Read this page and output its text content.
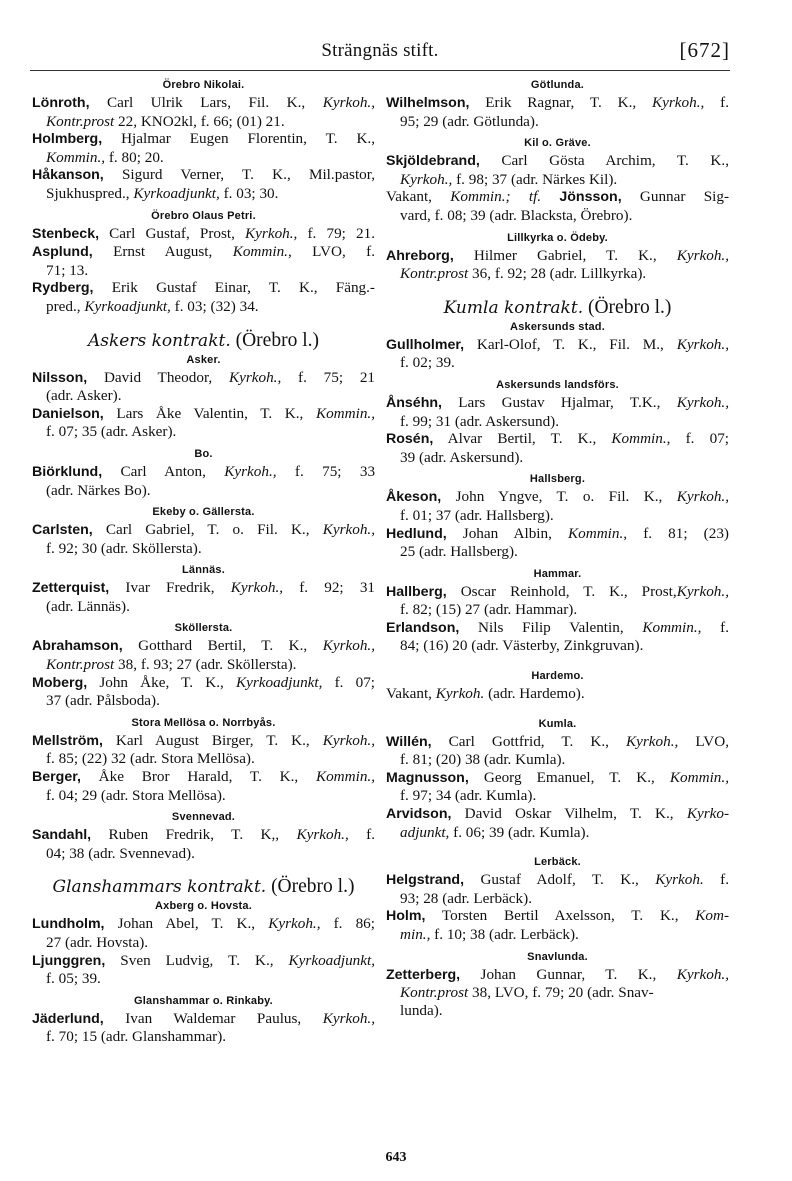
Strängnäs stift.	[672]
Örebro Nikolai.
Lönroth, Carl Ulrik Lars, Fil. K., Kyrkoh.,
Kontr.prost 22, KNO2kl, f. 66; (01) 21.
Holmberg, Hjalmar Eugen Florentin, T. K.,
Kommin., f. 80; 20.
Håkanson, Sigurd Verner, T. K., Mil.pastor,
Sjukhuspred., Kyrkoadjunkt, f. 03; 30.
Örebro Olaus Petri.
Stenbeck, Carl Gustaf, Prost, Kyrkoh., f. 79; 21.
Asplund, Ernst August, Kommin., LVO, f.
71; 13.
Rydberg, Erik Gustaf Einar, T. K., Fäng.-
pred., Kyrkoadjunkt, f. 03; (32) 34.
Askers kontrakt. (Örebro l.)
Asker.
Nilsson, David Theodor, Kyrkoh., f. 75; 21
(adr. Asker).
Danielson, Lars Åke Valentin, T. K., Kommin.,
f. 07; 35 (adr. Asker).
Bo.
Biörklund, Carl Anton, Kyrkoh., f. 75; 33
(adr. Närkes Bo).
Ekeby o. Gällersta.
Carlsten, Carl Gabriel, T. o. Fil. K., Kyrkoh.,
f. 92; 30 (adr. Sköllersta).
Lännäs.
Zetterquist, Ivar Fredrik, Kyrkoh., f. 92; 31
(adr. Lännäs).
Sköllersta.
Abrahamson, Gotthard Bertil, T. K., Kyrkoh.,
Kontr.prost 38, f. 93; 27 (adr. Sköllersta).
Moberg, John Åke, T. K., Kyrkoadjunkt, f. 07;
37 (adr. Pålsboda).
Stora Mellösa o. Norrbyås.
Mellström, Karl August Birger, T. K., Kyrkoh.,
f. 85; (22) 32 (adr. Stora Mellösa).
Berger, Åke Bror Harald, T. K., Kommin.,
f. 04; 29 (adr. Stora Mellösa).
Svennevad.
Sandahl, Ruben Fredrik, T. K,, Kyrkoh., f.
04; 38 (adr. Svennevad).
Glanshammars kontrakt. (Örebro l.)
Axberg o. Hovsta.
Lundholm, Johan Abel, T. K., Kyrkoh., f. 86;
27 (adr. Hovsta).
Ljunggren, Sven Ludvig, T. K., Kyrkoadjunkt,
f. 05; 39.
Glanshammar o. Rinkaby.
Jäderlund, Ivan Waldemar Paulus, Kyrkoh.,
f. 70; 15 (adr. Glanshammar).
Götlunda.
Wilhelmson, Erik Ragnar, T. K., Kyrkoh., f.
95; 29 (adr. Götlunda).
Kil o. Gräve.
Skjöldebrand, Carl Gösta Archim, T. K.,
Kyrkoh., f. 98; 37 (adr. Närkes Kil).
Vakant, Kommin.; tf. Jönsson, Gunnar Sig-
vard, f. 08; 39 (adr. Blacksta, Örebro).
Lillkyrka o. Ödeby.
Ahreborg, Hilmer Gabriel, T. K., Kyrkoh.,
Kontr.prost 36, f. 92; 28 (adr. Lillkyrka).
Kumla kontrakt. (Örebro l.)
Askersunds stad.
Gullholmer, Karl-Olof, T. K., Fil. M., Kyrkoh.,
f. 02; 39.
Askersunds landsförs.
Ånséhn, Lars Gustav Hjalmar, T.K., Kyrkoh.,
f. 99; 31 (adr. Askersund).
Rosén, Alvar Bertil, T. K., Kommin., f. 07;
39 (adr. Askersund).
Hallsberg.
Åkeson, John Yngve, T. o. Fil. K., Kyrkoh.,
f. 01; 37 (adr. Hallsberg).
Hedlund, Johan Albin, Kommin., f. 81; (23)
25 (adr. Hallsberg).
Hammar.
Hallberg, Oscar Reinhold, T. K., Prost,Kyrkoh.,
f. 82; (15) 27 (adr. Hammar).
Erlandson, Nils Filip Valentin, Kommin., f.
84; (16) 20 (adr. Västerby, Zinkgruvan).
Hardemo.
Vakant, Kyrkoh. (adr. Hardemo).
Kumla.
Willén, Carl Gottfrid, T. K., Kyrkoh., LVO,
f. 81; (20) 38 (adr. Kumla).
Magnusson, Georg Emanuel, T. K., Kommin.,
f. 97; 34 (adr. Kumla).
Arvidson, David Oskar Vilhelm, T. K., Kyrko-
adjunkt, f. 06; 39 (adr. Kumla).
Lerbäck.
Helgstrand, Gustaf Adolf, T. K., Kyrkoh. f.
93; 28 (adr. Lerbäck).
Holm, Torsten Bertil Axelsson, T. K., Kom-
min., f. 10; 38 (adr. Lerbäck).
Snavlunda.
Zetterberg, Johan Gunnar, T. K., Kyrkoh.,
Kontr.prost 38, LVO, f. 79; 20 (adr. Snav-
lunda).
643
